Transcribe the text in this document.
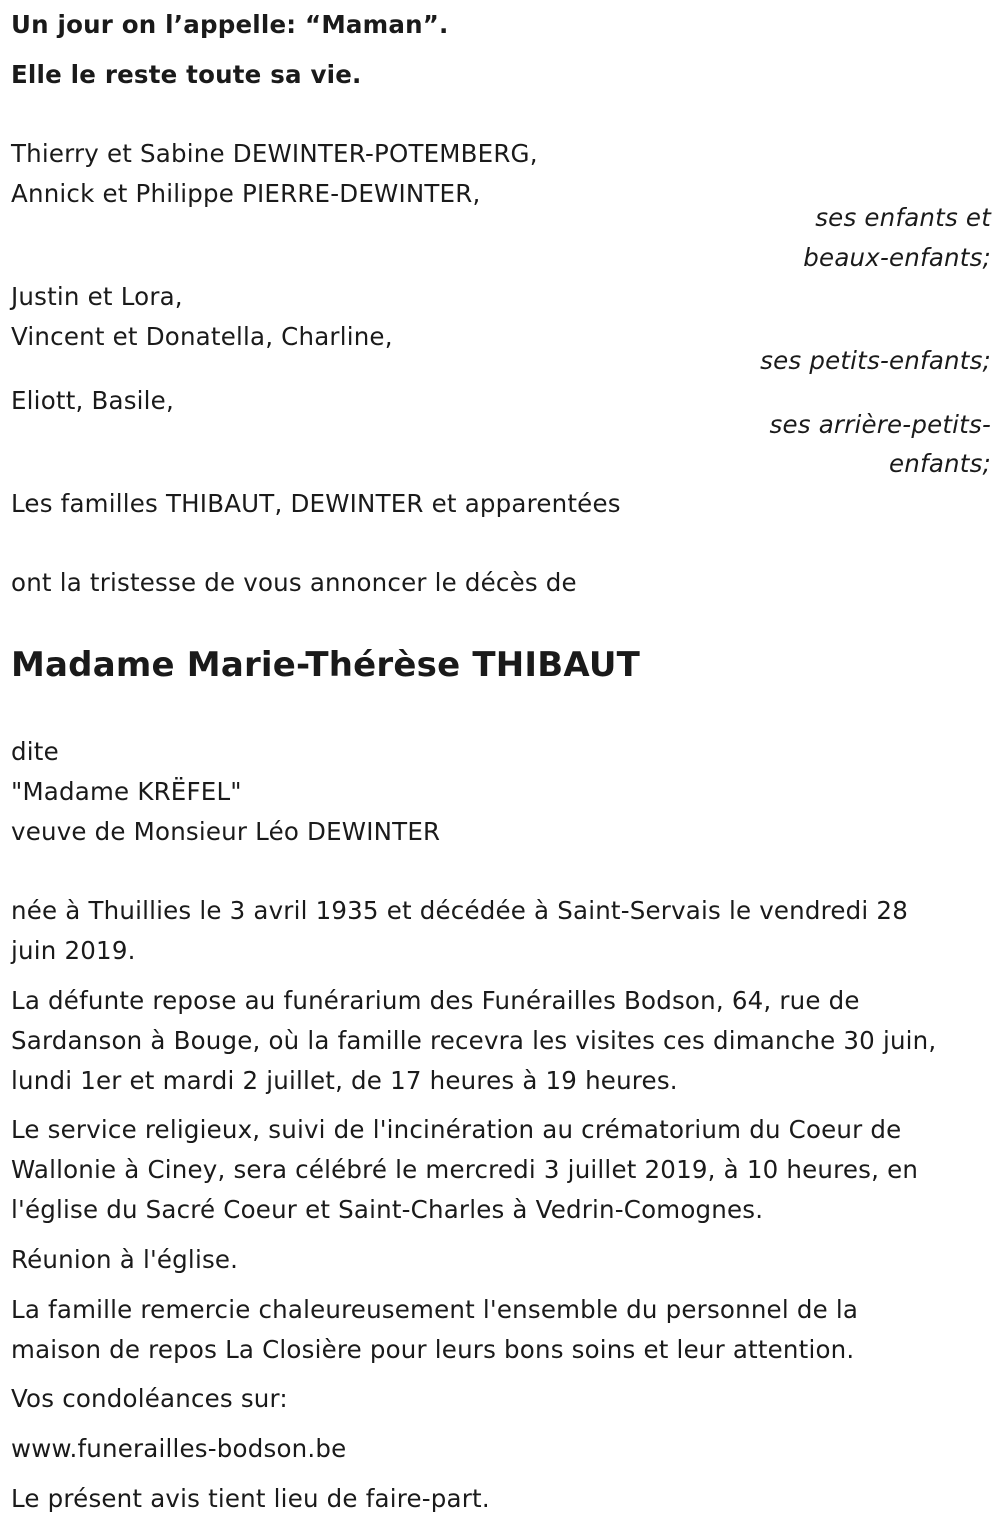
Un jour on l’appelle: “Maman”.
Elle le reste toute sa vie.
Thierry et Sabine DEWINTER-POTEMBERG,
Annick et Philippe PIERRE-DEWINTER,
ses enfants et
beaux-enfants;
Justin et Lora,
Vincent et Donatella, Charline,
ses petits-enfants;
Eliott, Basile,
ses arrière-petits-
enfants;
Les familles THIBAUT, DEWINTER et apparentées
ont la tristesse de vous annoncer le décès de
Madame Marie-Thérèse THIBAUT
dite
"Madame KRËFEL"
veuve de Monsieur Léo DEWINTER
née à Thuillies le 3 avril 1935 et décédée à Saint-Servais le vendredi 28
juin 2019.
La défunte repose au funérarium des Funérailles Bodson, 64, rue de
Sardanson à Bouge, où la famille recevra les visites ces dimanche 30 juin,
lundi 1er et mardi 2 juillet, de 17 heures à 19 heures.
Le service religieux, suivi de l'incinération au crématorium du Coeur de
Wallonie à Ciney, sera célébré le mercredi 3 juillet 2019, à 10 heures, en
l'église du Sacré Coeur et Saint-Charles à Vedrin-Comognes.
Réunion à l'église.
La famille remercie chaleureusement l'ensemble du personnel de la
maison de repos La Closière pour leurs bons soins et leur attention.
Vos condoléances sur:
www.funerailles-bodson.be
Le présent avis tient lieu de faire-part.
